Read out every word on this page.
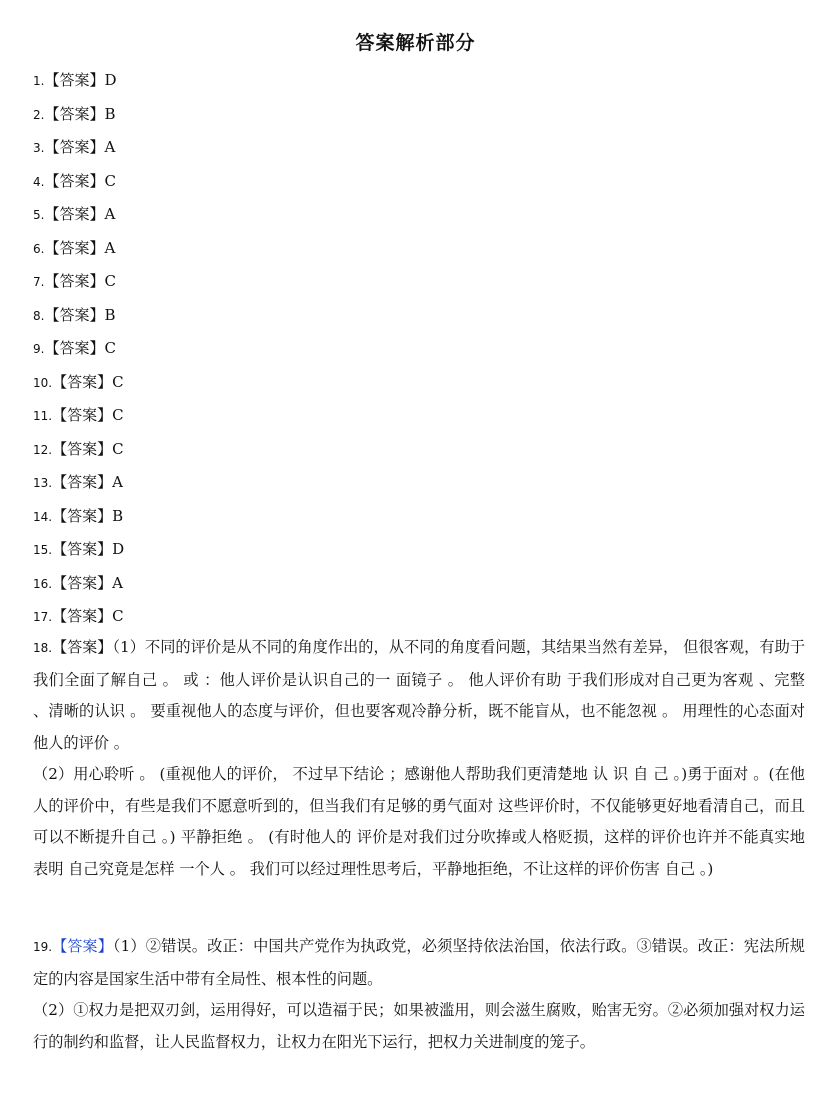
答案解析部分
1.【答案】D
2.【答案】B
3.【答案】A
4.【答案】C
5.【答案】A
6.【答案】A
7.【答案】C
8.【答案】B
9.【答案】C
10.【答案】C
11.【答案】C
12.【答案】C
13.【答案】A
14.【答案】B
15.【答案】D
16.【答案】A
17.【答案】C

18.【答案】（1）不同的评价是从不同的角度作出的，从不同的角度看问题，其结果当然有差异， 但很客观，有助于我们全面了解自己 。 或 ：他人评价是认识自己的一 面镜子 。 他人评价有助 于我们形成对自己更为客观 、完整 、清晰的认识 。 要重视他人的态度与评价，但也要客观冷静分析，既不能盲从，也不能忽视 。 用理性的心态面对他人的评价 。

（2）用心聆听 。 (重视他人的评价， 不过早下结论 ；感谢他人帮助我们更清楚地 认 识 自 己 。)勇于面对 。(在他人的评价中，有些是我们不愿意听到的，但当我们有足够的勇气面对 这些评价时，不仅能够更好地看清自己，而且可以不断提升自己 。) 平静拒绝 。 (有时他人的 评价是对我们过分吹捧或人格贬损，这样的评价也许并不能真实地表明 自己究竟是怎样 一个人 。 我们可以经过理性思考后，平静地拒绝，不让这样的评价伤害 自己 。)

19.【答案】（1）②错误。改正：中国共产党作为执政党，必须坚持依法治国，依法行政。③错误。改正：宪法所规定的内容是国家生活中带有全局性、根本性的问题。

（2）①权力是把双刃剑，运用得好，可以造福于民；如果被滥用，则会滋生腐败，贻害无穷。②必须加强对权力运行的制约和监督，让人民监督权力，让权力在阳光下运行，把权力关进制度的笼子。
